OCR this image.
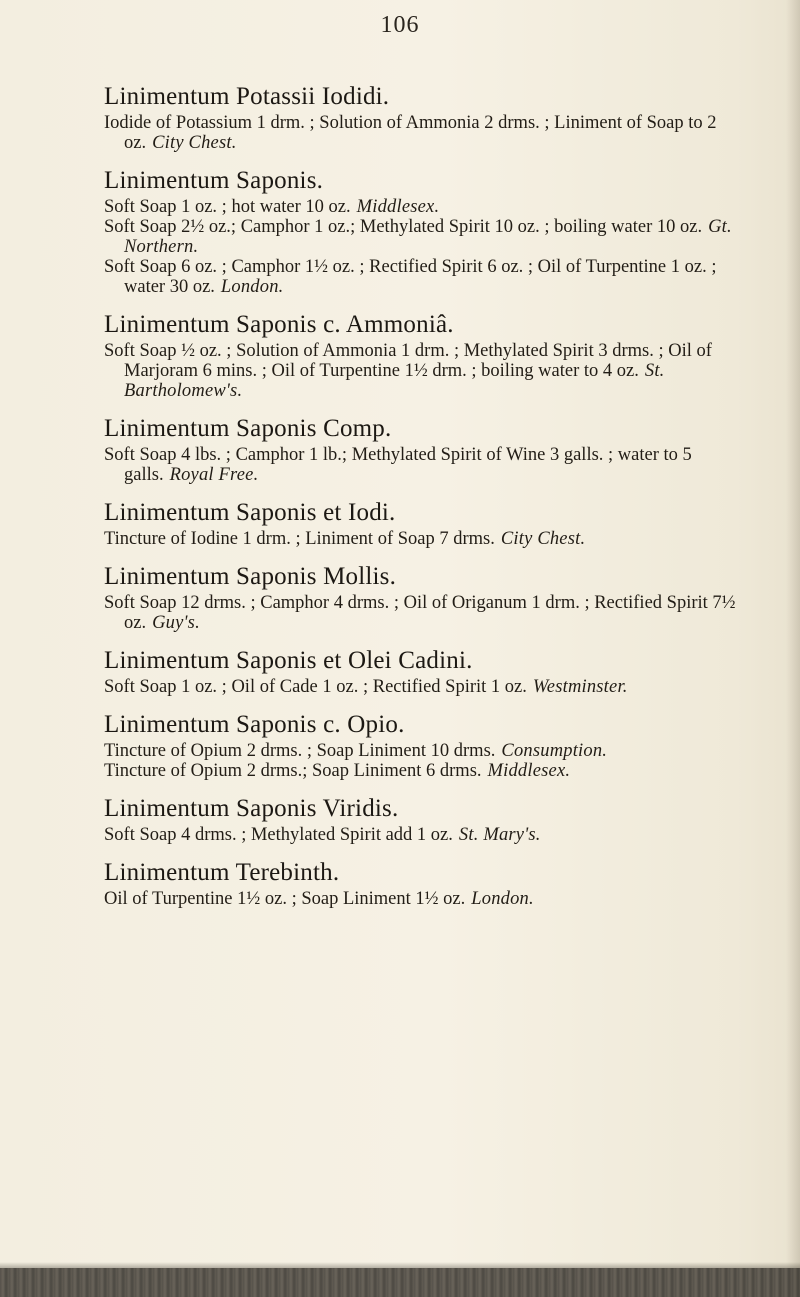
106
Linimentum Potassii Iodidi.

Iodide of Potassium 1 drm. ; Solution of Ammonia 2 drms. ; Liniment of Soap to 2 oz. City Chest.

Linimentum Saponis.

Soft Soap 1 oz. ; hot water 10 oz. Middlesex.

Soft Soap 2½ oz.; Camphor 1 oz.; Methylated Spirit 10 oz. ; boiling water 10 oz. Gt. Northern.

Soft Soap 6 oz. ; Camphor 1½ oz. ; Rectified Spirit 6 oz. ; Oil of Turpentine 1 oz. ; water 30 oz. London.

Linimentum Saponis c. Ammoniâ.

Soft Soap ½ oz. ; Solution of Ammonia 1 drm. ; Methylated Spirit 3 drms. ; Oil of Marjoram 6 mins. ; Oil of Turpentine 1½ drm. ; boiling water to 4 oz. St. Bartholomew's.

Linimentum Saponis Comp.

Soft Soap 4 lbs. ; Camphor 1 lb.; Methylated Spirit of Wine 3 galls. ; water to 5 galls. Royal Free.

Linimentum Saponis et Iodi.

Tincture of Iodine 1 drm. ; Liniment of Soap 7 drms. City Chest.

Linimentum Saponis Mollis.

Soft Soap 12 drms. ; Camphor 4 drms. ; Oil of Origanum 1 drm. ; Rectified Spirit 7½ oz. Guy's.

Linimentum Saponis et Olei Cadini.

Soft Soap 1 oz. ; Oil of Cade 1 oz. ; Rectified Spirit 1 oz. Westminster.

Linimentum Saponis c. Opio.

Tincture of Opium 2 drms. ; Soap Liniment 10 drms. Consumption.

Tincture of Opium 2 drms.; Soap Liniment 6 drms. Middlesex.

Linimentum Saponis Viridis.

Soft Soap 4 drms. ; Methylated Spirit add 1 oz. St. Mary's.

Linimentum Terebinth.

Oil of Turpentine 1½ oz. ; Soap Liniment 1½ oz. London.
